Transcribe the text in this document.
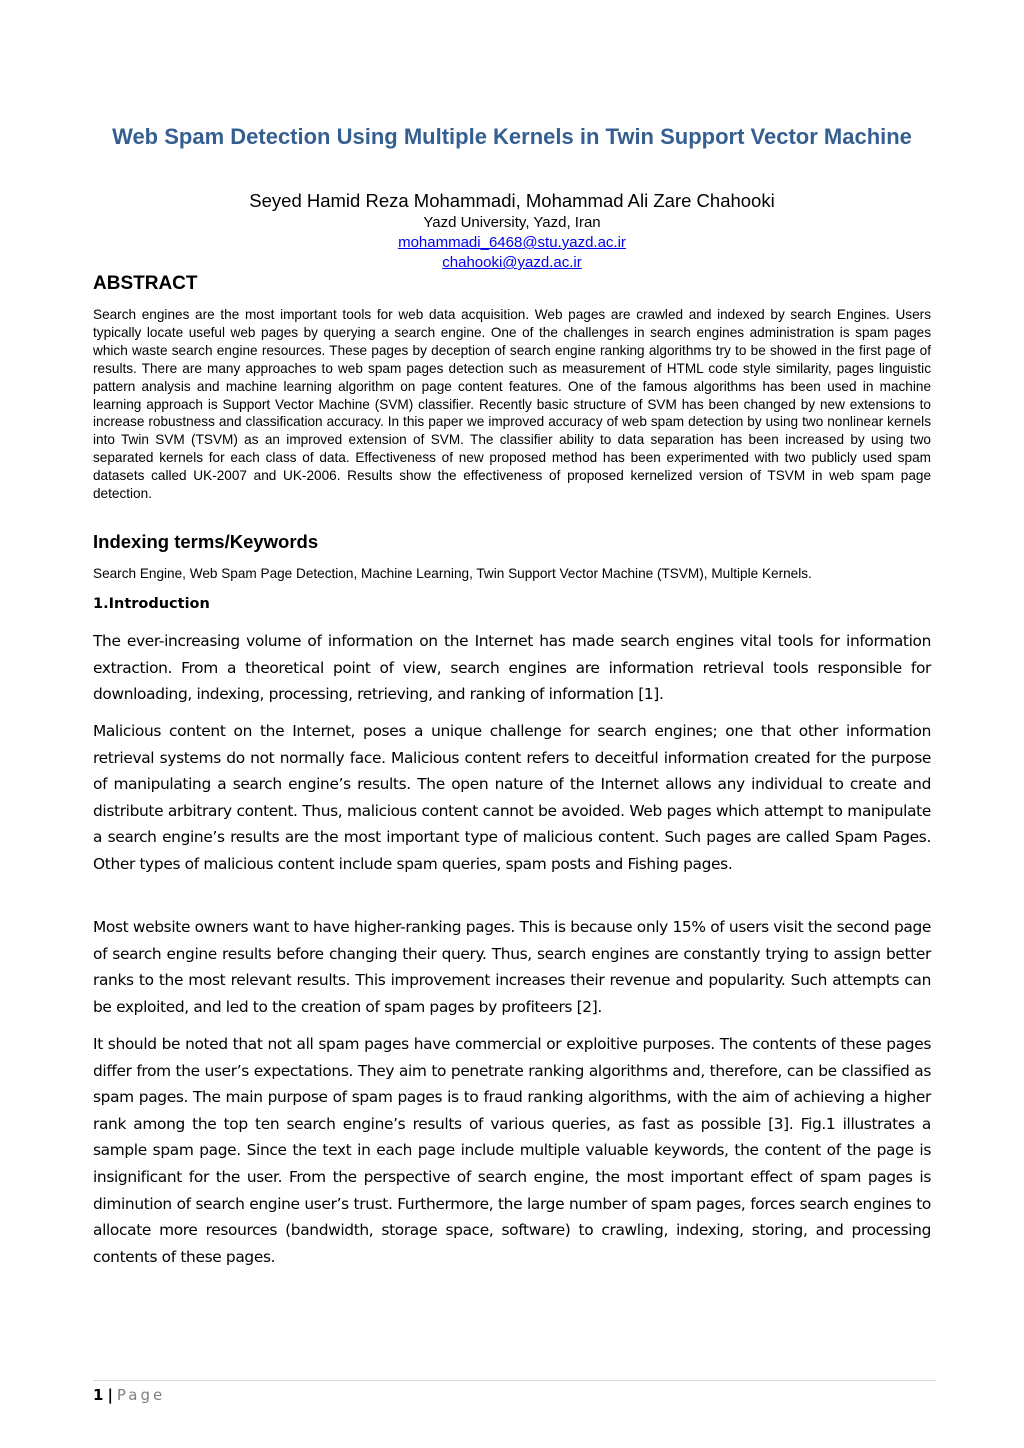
Web Spam Detection Using Multiple Kernels in Twin Support Vector Machine

Seyed Hamid Reza Mohammadi, Mohammad Ali Zare Chahooki

Yazd University, Yazd, Iran

mohammadi_6468@stu.yazd.ac.ir

chahooki@yazd.ac.ir

ABSTRACT

Search engines are the most important tools for web data acquisition. Web pages are crawled and indexed by search Engines. Users typically locate useful web pages by querying a search engine. One of the challenges in search engines administration is spam pages which waste search engine resources. These pages by deception of search engine ranking algorithms try to be showed in the first page of results. There are many approaches to web spam pages detection such as measurement of HTML code style similarity, pages linguistic pattern analysis and machine learning algorithm on page content features. One of the famous algorithms has been used in machine learning approach is Support Vector Machine (SVM) classifier. Recently basic structure of SVM has been changed by new extensions to increase robustness and classification accuracy. In this paper we improved accuracy of web spam detection by using two nonlinear kernels into Twin SVM (TSVM) as an improved extension of SVM. The classifier ability to data separation has been increased by using two separated kernels for each class of data. Effectiveness of new proposed method has been experimented with two publicly used spam datasets called UK-2007 and UK-2006. Results show the effectiveness of proposed kernelized version of TSVM in web spam page detection.

Indexing terms/Keywords

Search Engine, Web Spam Page Detection, Machine Learning, Twin Support Vector Machine (TSVM), Multiple Kernels.

1.Introduction

The ever-increasing volume of information on the Internet has made search engines vital tools for information extraction. From a theoretical point of view, search engines are information retrieval tools responsible for downloading, indexing, processing, retrieving, and ranking of information [1].

Malicious content on the Internet, poses a unique challenge for search engines; one that other information retrieval systems do not normally face. Malicious content refers to deceitful information created for the purpose of manipulating a search engine’s results. The open nature of the Internet allows any individual to create and distribute arbitrary content. Thus, malicious content cannot be avoided. Web pages which attempt to manipulate a search engine’s results are the most important type of malicious content. Such pages are called Spam Pages. Other types of malicious content include spam queries, spam posts and Fishing pages.

Most website owners want to have higher-ranking pages. This is because only 15% of users visit the second page of search engine results before changing their query. Thus, search engines are constantly trying to assign better ranks to the most relevant results. This improvement increases their revenue and popularity. Such attempts can be exploited, and led to the creation of spam pages by profiteers [2].

It should be noted that not all spam pages have commercial or exploitive purposes. The contents of these pages differ from the user’s expectations. They aim to penetrate ranking algorithms and, therefore, can be classified as spam pages. The main purpose of spam pages is to fraud ranking algorithms, with the aim of achieving a higher rank among the top ten search engine’s results of various queries, as fast as possible [3]. Fig.1 illustrates a sample spam page. Since the text in each page include multiple valuable keywords, the content of the page is insignificant for the user. From the perspective of search engine, the most important effect of spam pages is diminution of search engine user’s trust. Furthermore, the large number of spam pages, forces search engines to allocate more resources (bandwidth, storage space, software) to crawling, indexing, storing, and processing contents of these pages.

1 | Page
